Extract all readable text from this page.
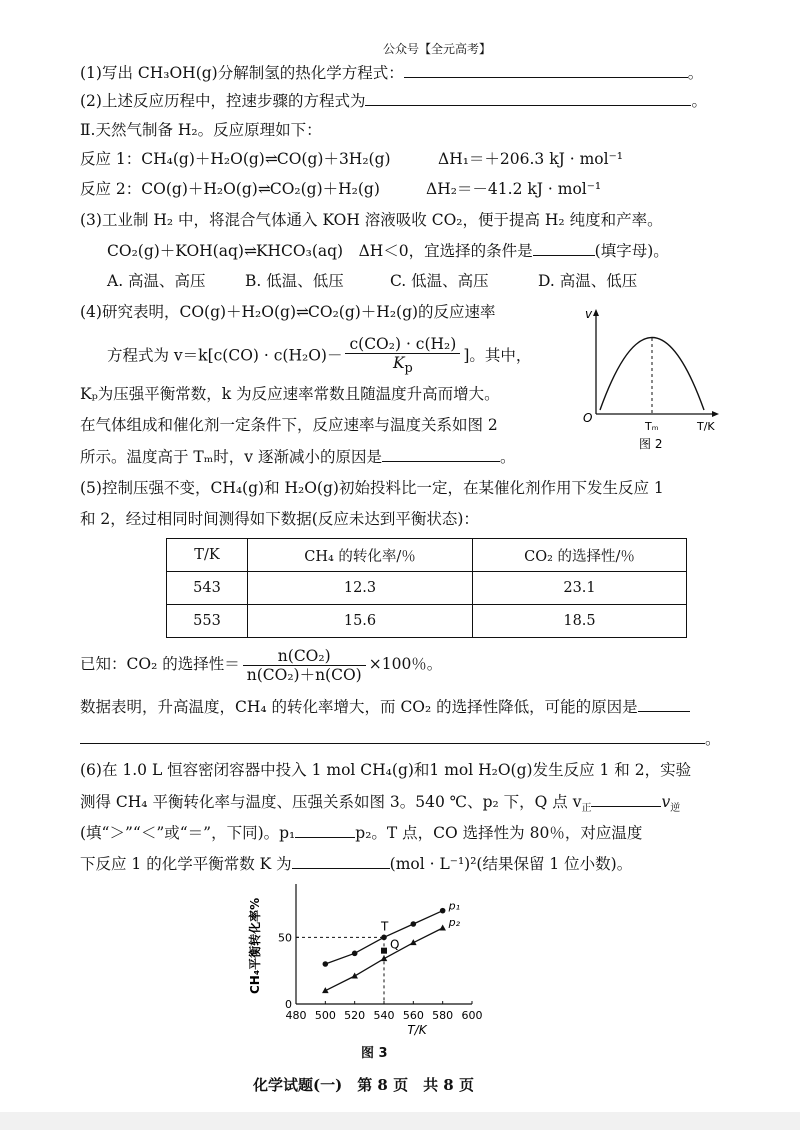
公众号【全元高考】
(1)写出 CH₃OH(g)分解制氢的热化学方程式：	。
(2)上述反应历程中，控速步骤的方程式为	。
Ⅱ.天然气制备 H₂。反应原理如下：
反应 1：CH₄(g)＋H₂O(g)⇌CO(g)＋3H₂(g)	ΔH₁＝＋206.3 kJ · mol⁻¹
反应 2：CO(g)＋H₂O(g)⇌CO₂(g)＋H₂(g)	ΔH₂＝－41.2 kJ · mol⁻¹
(3)工业制 H₂ 中，将混合气体通入 KOH 溶液吸收 CO₂，便于提高 H₂ 纯度和产率。
CO₂(g)＋KOH(aq)⇌KHCO₃(aq)　ΔH＜0，宜选择的条件是	(填字母)。
A. 高温、高压	B. 低温、低压	C. 低温、高压	D. 高温、低压
(4)研究表明，CO(g)＋H₂O(g)⇌CO₂(g)＋H₂(g)的反应速率
方程式为 $v=k[c(CO) \cdot c(H_2O)- \frac{\text{c(CO₂) · c(H₂)}}{K_p}$ ]。其中，
Kₚ为压强平衡常数，k 为反应速率常数且随温度升高而增大。
在气体组成和催化剂一定条件下，反应速率与温度关系如图 2
所示。温度高于 Tₘ时，v 逐渐减小的原因是	。
v
O
Tₘ	T/K
图 2
(5)控制压强不变，CH₄(g)和 H₂O(g)初始投料比一定，在某催化剂作用下发生反应 1
和 2，经过相同时间测得如下数据(反应未达到平衡状态)：
T/K	CH₄ 的转化率/％	CO₂ 的选择性/％
543	12.3	23.1
553	15.6	18.5
已知：CO₂ 的选择性＝ $\frac{\text{n(CO₂)}}{\text{n(CO₂)＋n(CO)}} \times 100$％。
数据表明，升高温度，CH₄ 的转化率增大，而 CO₂ 的选择性降低，可能的原因是
。
(6)在 1.0 L 恒容密闭容器中投入 1 mol CH₄(g)和1 mol H₂O(g)发生反应 1 和 2，实验
测得 CH₄ 平衡转化率与温度、压强关系如图 3。540 ℃、p₂ 下，Q 点 $v_正$	$v_逆$
(填“＞”“＜”或“＝”，下同)。p₁	p₂。T 点，CO 选择性为 80％，对应温度
下反应 1 的化学平衡常数 K 为	(mol · L⁻¹)²(结果保留 1 位小数)。
CH₄平衡转化率%
T/K
480 500 520 540 560 580 600
0
50
p₁
p₂
T
Q
图 3
化学试题(一)　第 8 页　共 8 页
